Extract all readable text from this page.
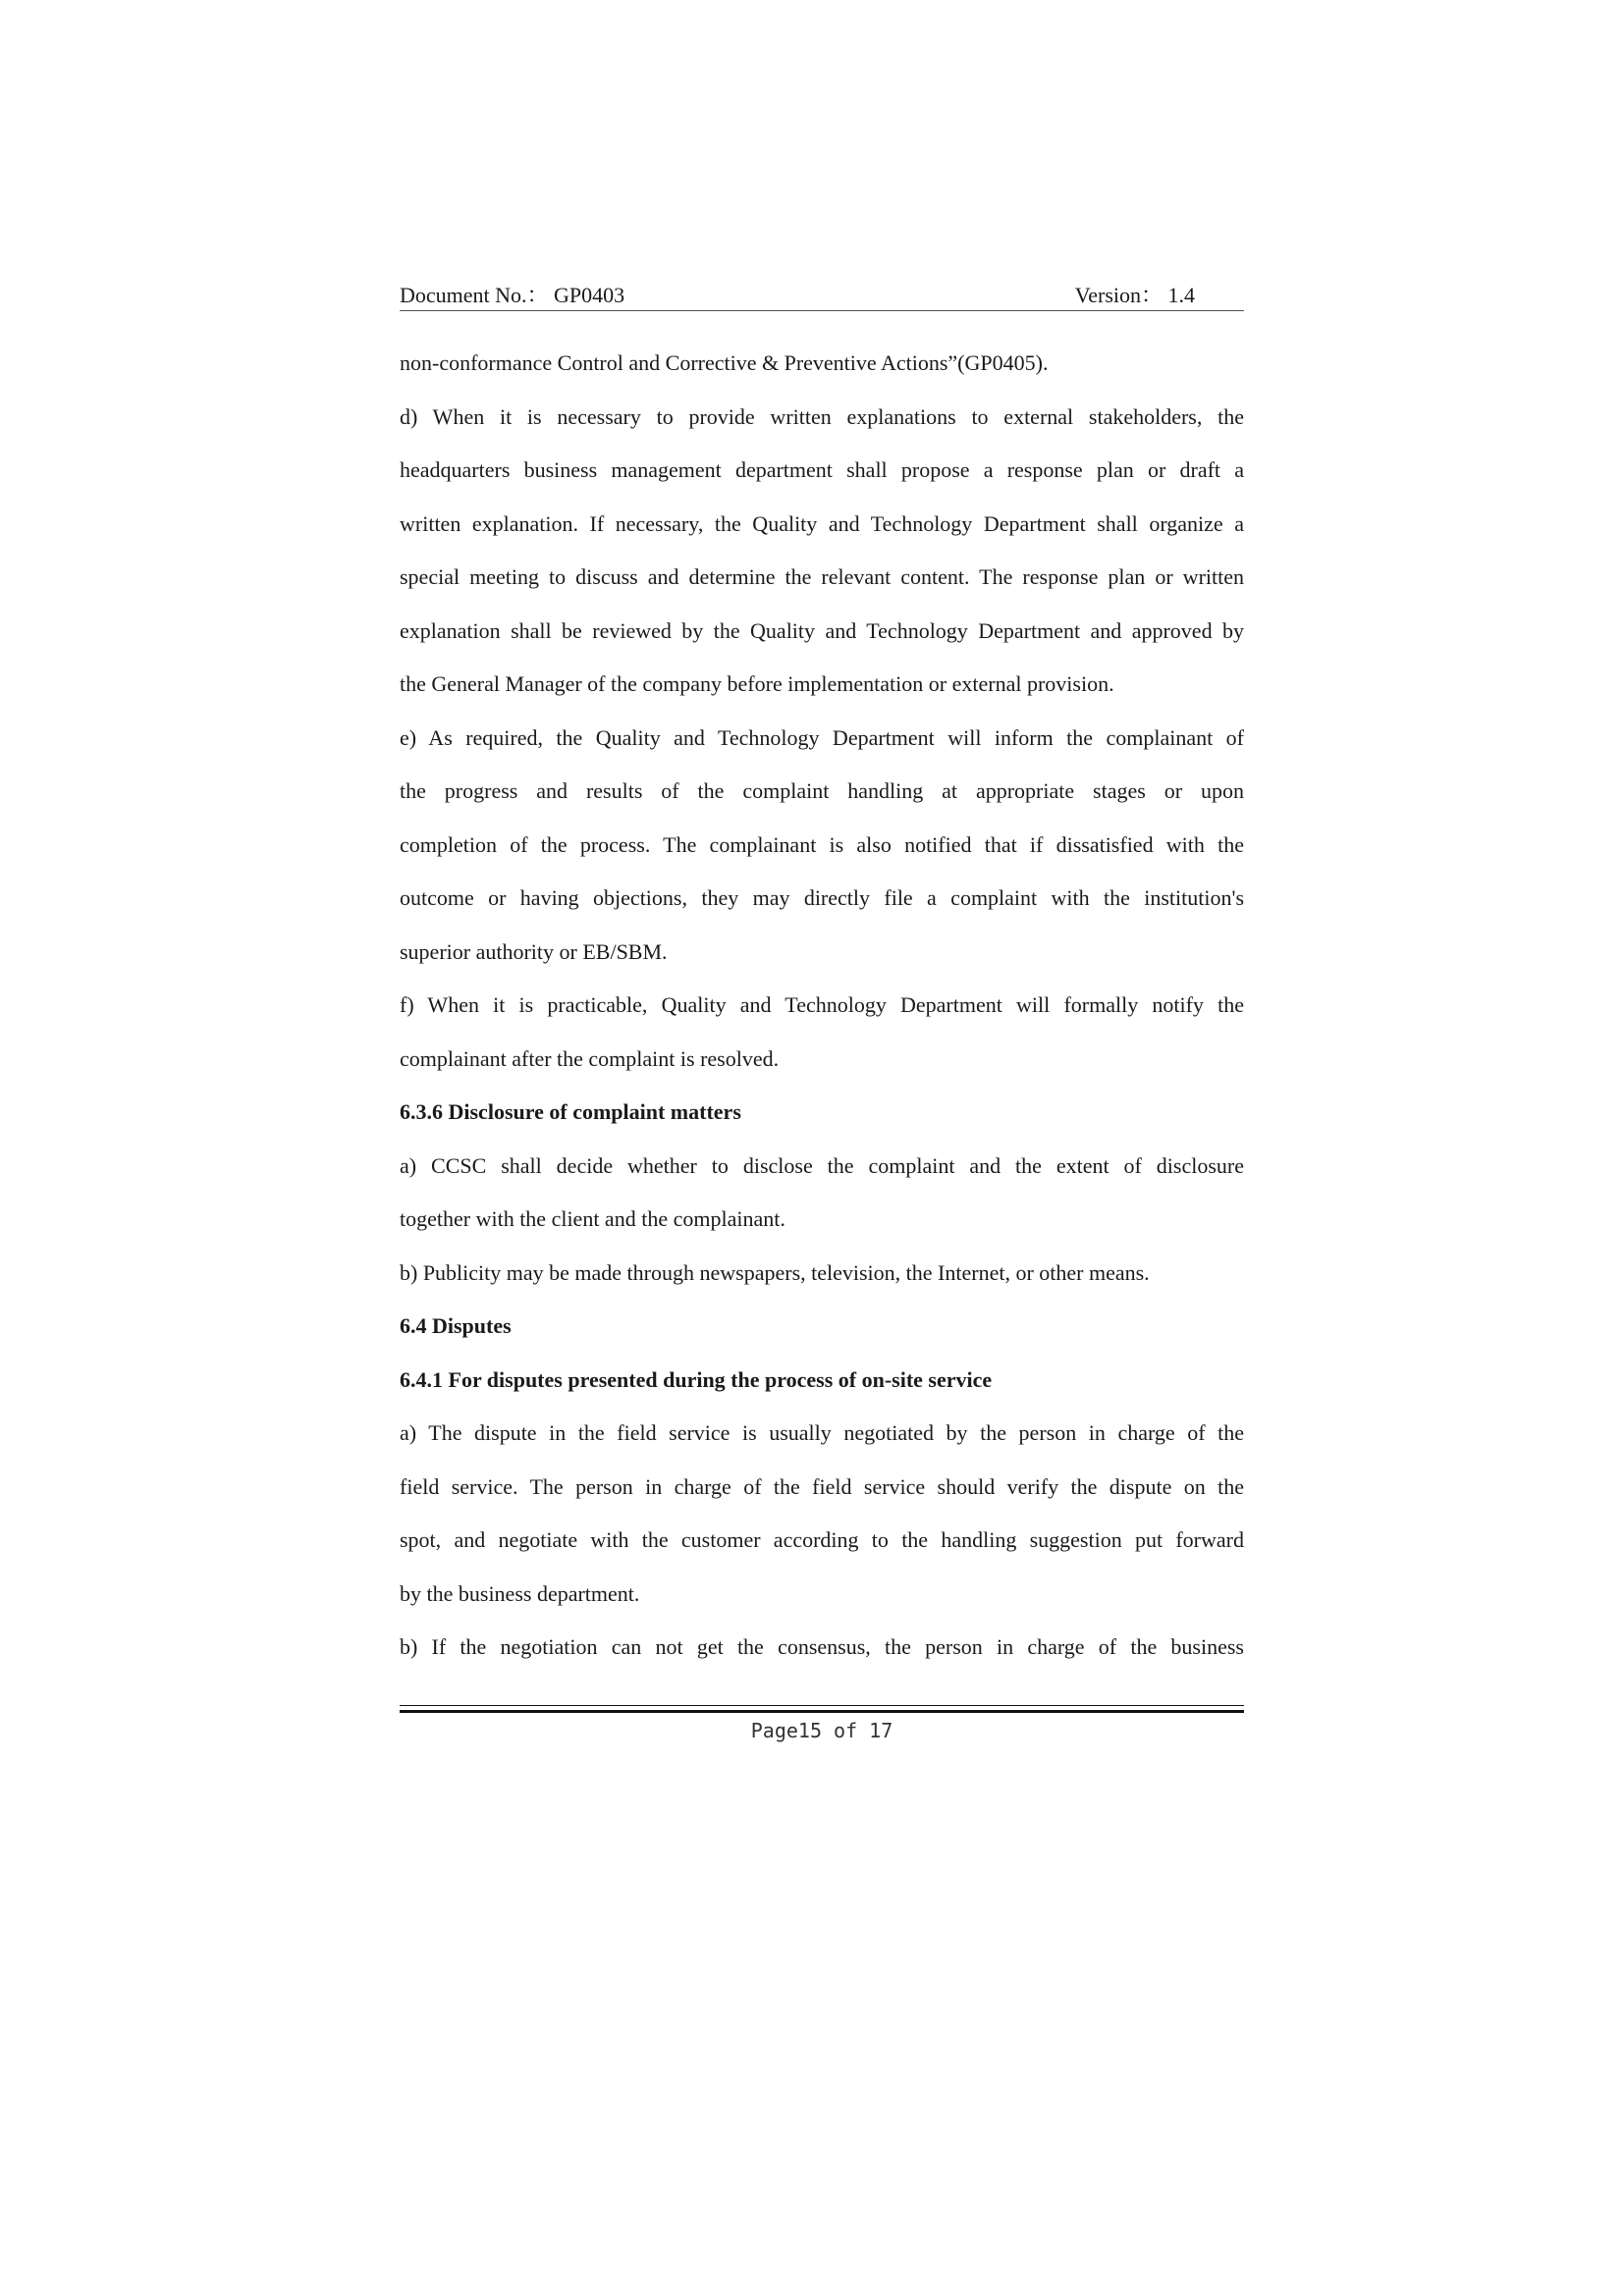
Document No.： GP0403	Version： 1.4
non-conformance Control and Corrective & Preventive Actions”(GP0405).
d) When it is necessary to provide written explanations to external stakeholders, the
headquarters business management department shall propose a response plan or draft a
written explanation. If necessary, the Quality and Technology Department shall organize a
special meeting to discuss and determine the relevant content. The response plan or written
explanation shall be reviewed by the Quality and Technology Department and approved by
the General Manager of the company before implementation or external provision.
e) As required, the Quality and Technology Department will inform the complainant of
the progress and results of the complaint handling at appropriate stages or upon
completion of the process. The complainant is also notified that if dissatisfied with the
outcome or having objections, they may directly file a complaint with the institution's
superior authority or EB/SBM.
f) When it is practicable, Quality and Technology Department will formally notify the
complainant after the complaint is resolved.
6.3.6 Disclosure of complaint matters
a) CCSC shall decide whether to disclose the complaint and the extent of disclosure
together with the client and the complainant.
b) Publicity may be made through newspapers, television, the Internet, or other means.
6.4 Disputes
6.4.1 For disputes presented during the process of on-site service
a) The dispute in the field service is usually negotiated by the person in charge of the
field service. The person in charge of the field service should verify the dispute on the
spot, and negotiate with the customer according to the handling suggestion put forward
by the business department.
b) If the negotiation can not get the consensus, the person in charge of the business
Page15 of 17
